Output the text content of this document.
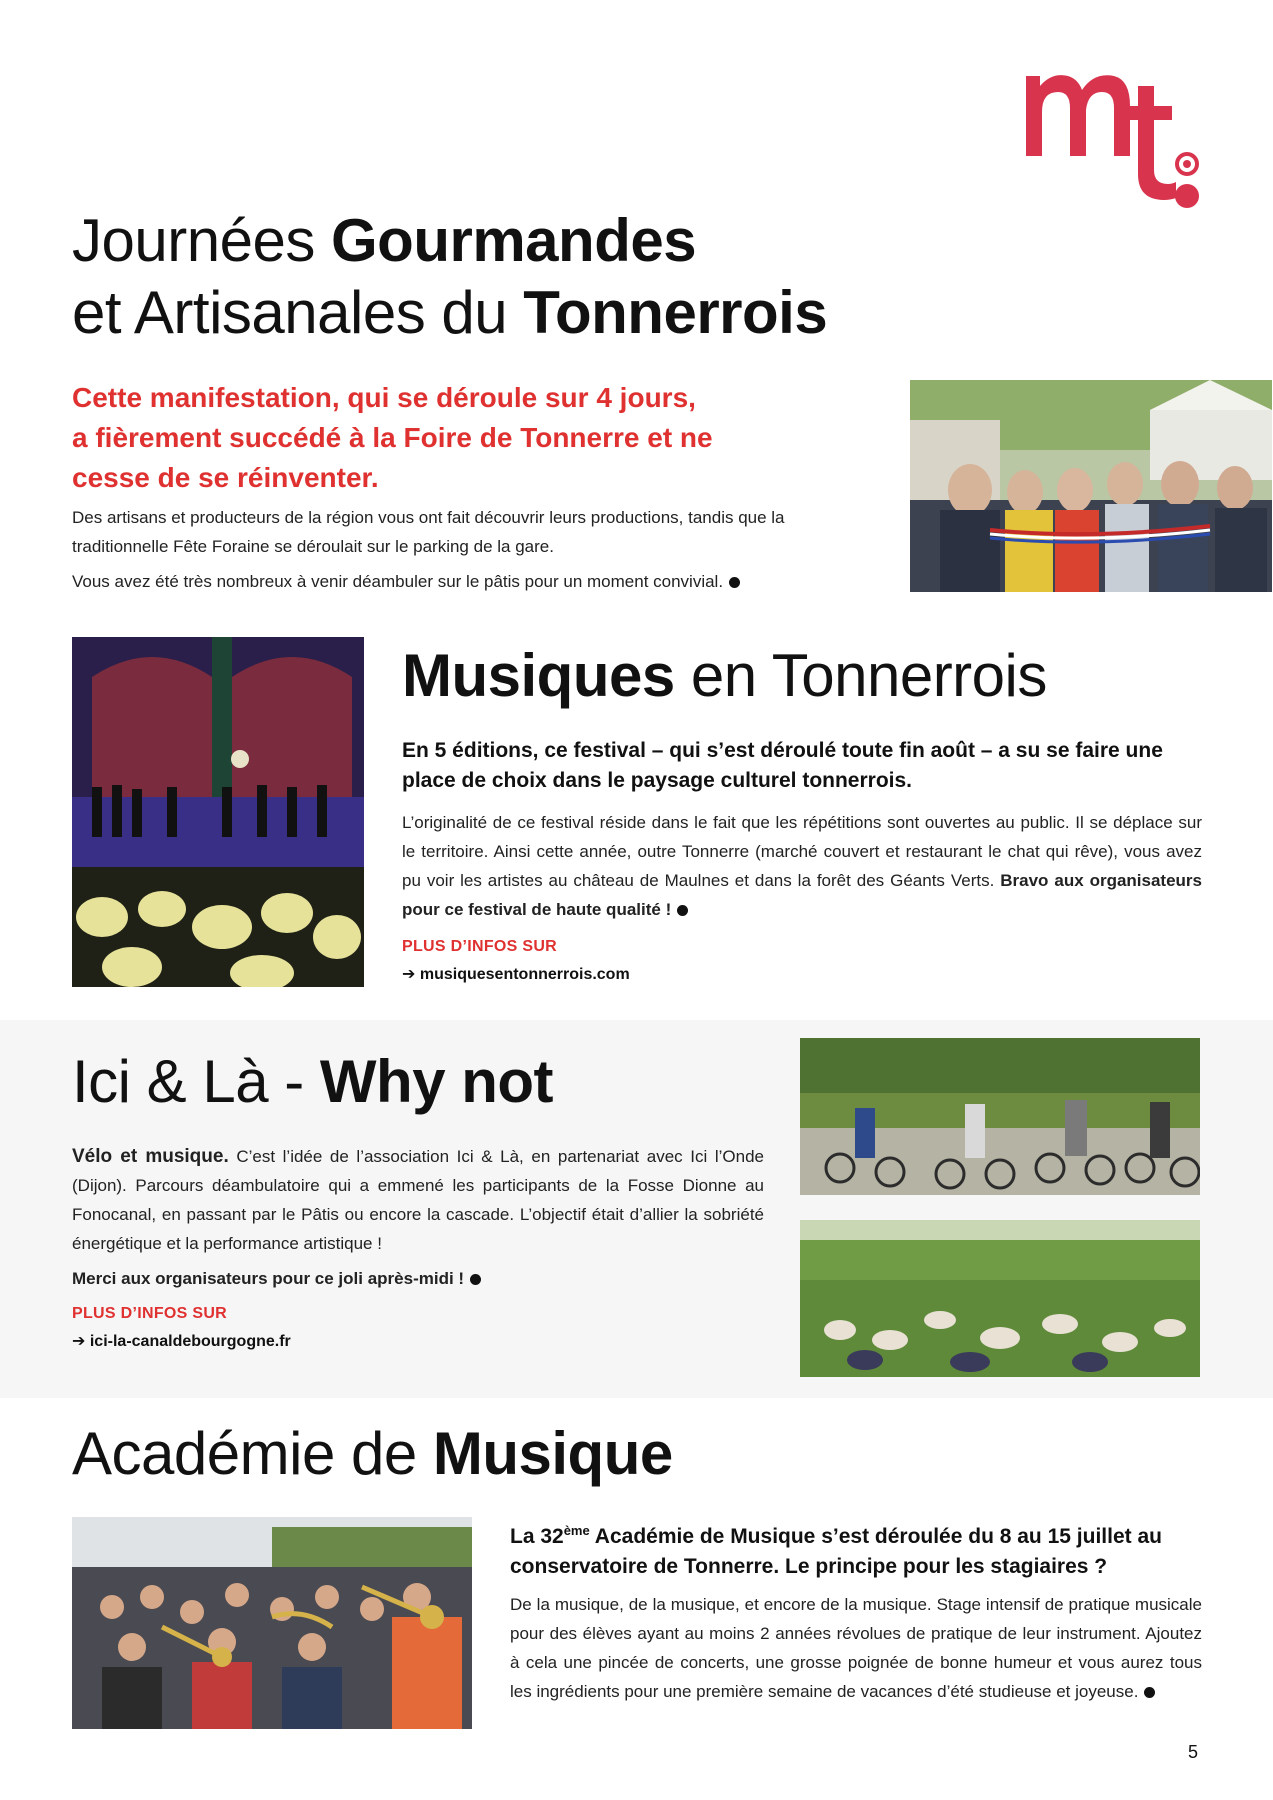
Journées Gourmandes
et Artisanales du Tonnerrois

Cette manifestation, qui se déroule sur 4 jours,
a fièrement succédé à la Foire de Tonnerre et ne
cesse de se réinventer.

Des artisans et producteurs de la région vous ont fait découvrir leurs productions, tandis que la traditionnelle Fête Foraine se déroulait sur le parking de la gare.

Vous avez été très nombreux à venir déambuler sur le pâtis pour un moment convivial.

Musiques en Tonnerrois

En 5 éditions, ce festival – qui s’est déroulé toute fin août – a su se faire une place de choix dans le paysage culturel tonnerrois.

L’originalité de ce festival réside dans le fait que les répétitions sont ouvertes au public. Il se déplace sur le territoire. Ainsi cette année, outre Tonnerre (marché couvert et restaurant le chat qui rêve), vous avez pu voir les artistes au château de Maulnes et dans la forêt des Géants Verts. Bravo aux organisateurs pour ce festival de haute qualité !

PLUS D’INFOS SUR
➔ musiquesentonnerrois.com
Ici & Là - Why not

Vélo et musique. C’est l’idée de l’association Ici & Là, en partenariat avec Ici l’Onde (Dijon). Parcours déambulatoire qui a emmené les participants de la Fosse Dionne au Fonocanal, en passant par le Pâtis ou encore la cascade. L’objectif était d’allier la sobriété énergétique et la performance artistique !

Merci aux organisateurs pour ce joli après-midi !

PLUS D’INFOS SUR
➔ ici-la-canaldebourgogne.fr
Académie de Musique

La 32ème Académie de Musique s’est déroulée du 8 au 15 juillet au conservatoire de Tonnerre. Le principe pour les stagiaires ?

De la musique, de la musique, et encore de la musique. Stage intensif de pratique musicale pour des élèves ayant au moins 2 années révolues de pratique de leur instrument. Ajoutez à cela une pincée de concerts, une grosse poignée de bonne humeur et vous aurez tous les ingrédients pour une première semaine de vacances d’été studieuse et joyeuse.

5
